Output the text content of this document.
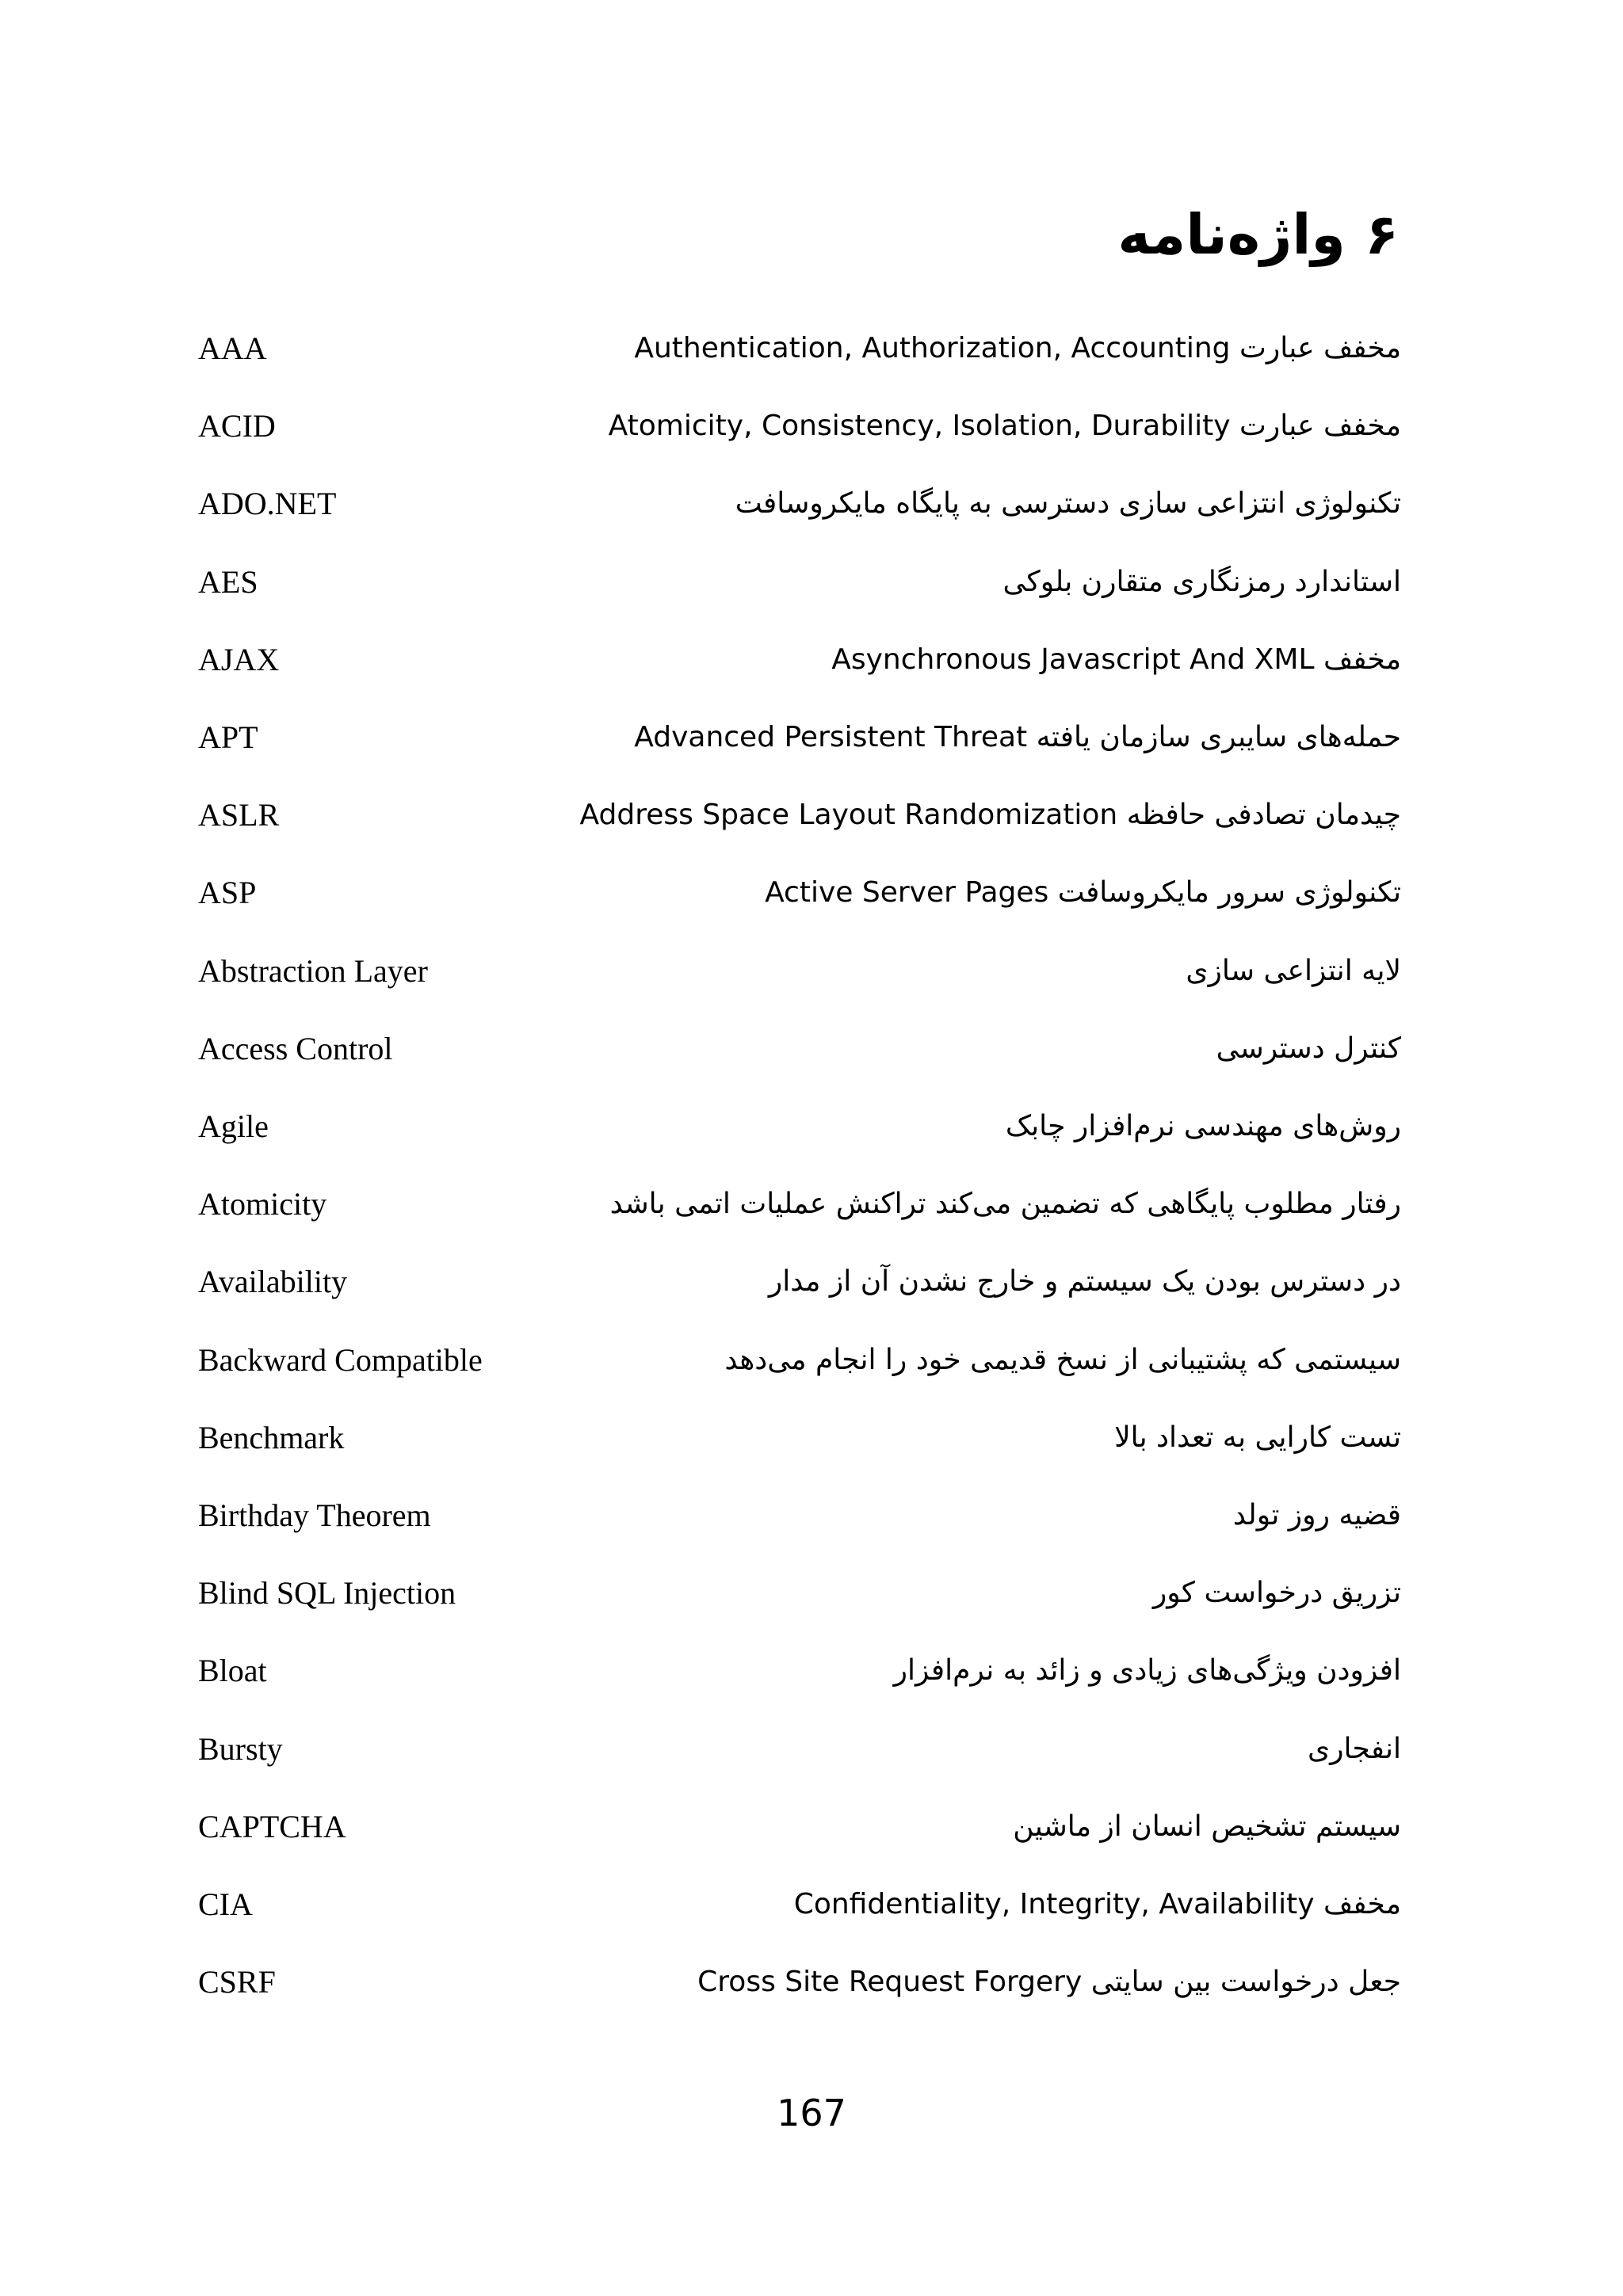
۶ واژه‌نامه
AAA	مخفف عبارت Authentication, Authorization, Accounting
ACID	مخفف عبارت Atomicity, Consistency, Isolation, Durability
ADO.NET	تکنولوژی انتزاعی سازی دسترسی به پایگاه مایکروسافت
AES	استاندارد رمزنگاری متقارن بلوکی
AJAX	مخفف Asynchronous Javascript And XML
APT	حمله‌های سایبری سازمان یافته Advanced Persistent Threat
ASLR	چیدمان تصادفی حافظه Address Space Layout Randomization
ASP	تکنولوژی سرور مایکروسافت Active Server Pages
Abstraction Layer	لایه انتزاعی سازی
Access Control	کنترل دسترسی
Agile	روش‌های مهندسی نرم‌افزار چابک
Atomicity	رفتار مطلوب پایگاهی که تضمین می‌کند تراکنش عملیات اتمی باشد
Availability	در دسترس بودن یک سیستم و خارج نشدن آن از مدار
Backward Compatible	سیستمی که پشتیبانی از نسخ قدیمی خود را انجام می‌دهد
Benchmark	تست کارایی به تعداد بالا
Birthday Theorem	قضیه روز تولد
Blind SQL Injection	تزریق درخواست کور
Bloat	افزودن ویژگی‌های زیادی و زائد به نرم‌افزار
Bursty	انفجاری
CAPTCHA	سیستم تشخیص انسان از ماشین
CIA	مخفف Confidentiality, Integrity, Availability
CSRF	جعل درخواست بین سایتی Cross Site Request Forgery
167
